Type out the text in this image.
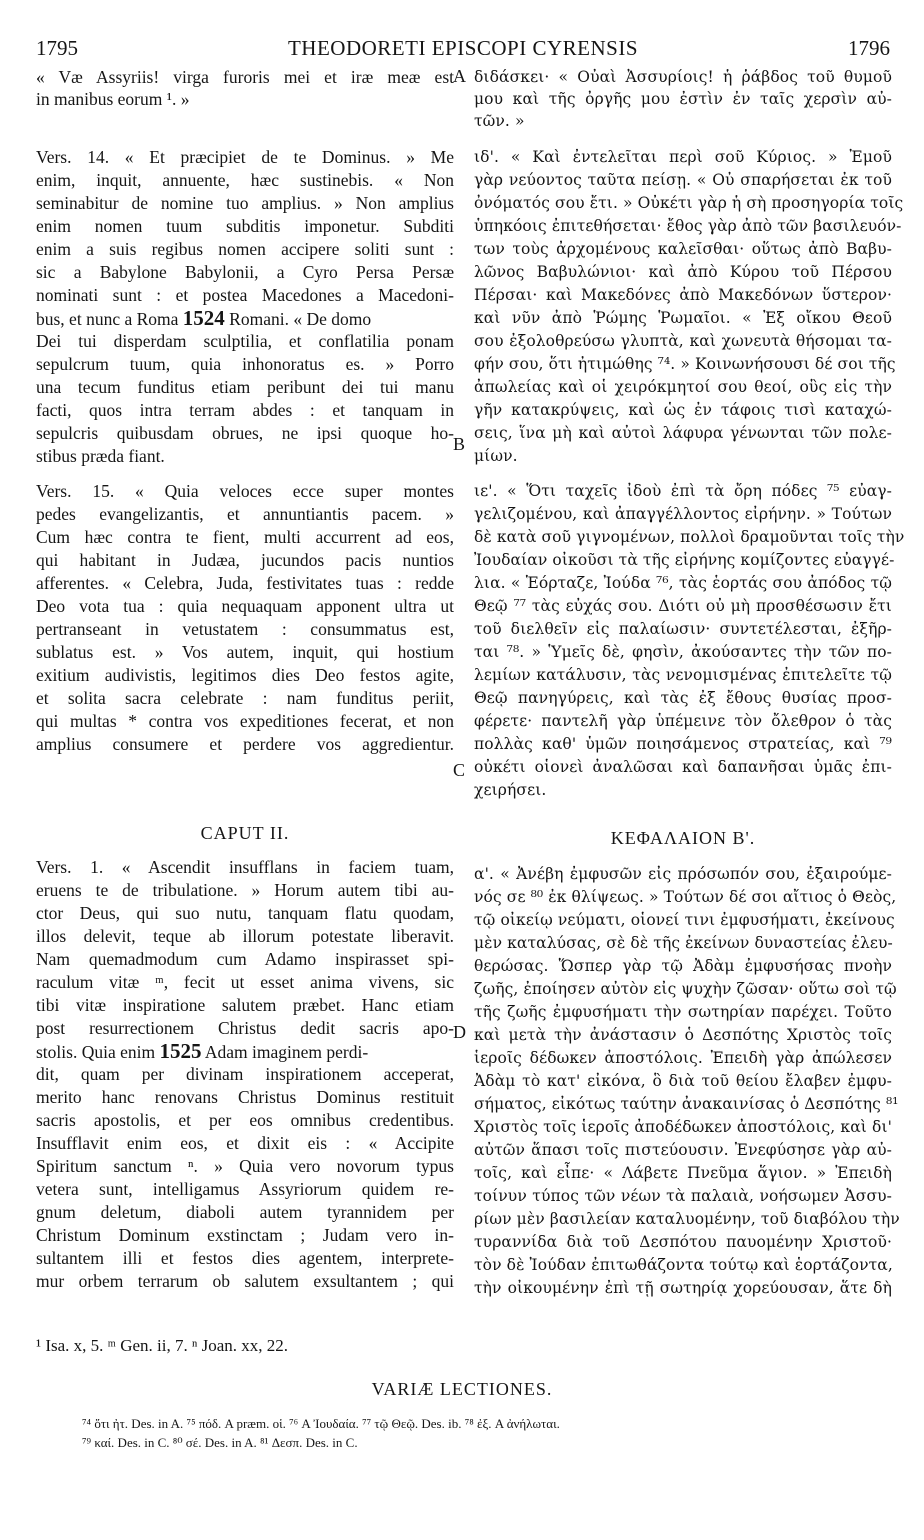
1795	THEODORETI EPISCOPI CYRENSIS	1796
« Væ Assyriis! virga furoris mei et iræ meæ est
in manibus eorum ¹. »
Vers. 14. « Et præcipiet de te Dominus. » Me
enim, inquit, annuente, hæc sustinebis. « Non
seminabitur de nomine tuo amplius. » Non amplius
enim nomen tuum subditis imponetur. Subditi
enim a suis regibus nomen accipere soliti sunt :
sic a Babylone Babylonii, a Cyro Persa Persæ
nominati sunt : et postea Macedones a Macedoni-
bus, et nunc a Roma 1524 Romani. « De domo
Dei tui disperdam sculptilia, et conflatilia ponam
sepulcrum tuum, quia inhonoratus es. » Porro
una tecum funditus etiam peribunt dei tui manu
facti, quos intra terram abdes : et tanquam in
sepulcris quibusdam obrues, ne ipsi quoque ho-
stibus præda fiant.
Vers. 15. « Quia veloces ecce super montes
pedes evangelizantis, et annuntiantis pacem. »
Cum hæc contra te fient, multi accurrent ad eos,
qui habitant in Judæa, jucundos pacis nuntios
afferentes. « Celebra, Juda, festivitates tuas : redde
Deo vota tua : quia nequaquam apponent ultra ut
pertranseant in vetustatem : consummatus est,
sublatus est. » Vos autem, inquit, qui hostium
exitium audivistis, legitimos dies Deo festos agite,
et solita sacra celebrate : nam funditus periit,
qui multas * contra vos expeditiones fecerat, et non
amplius consumere et perdere vos aggredientur.
CAPUT II.
Vers. 1. « Ascendit insufflans in faciem tuam,
eruens te de tribulatione. » Horum autem tibi au-
ctor Deus, qui suo nutu, tanquam flatu quodam,
illos delevit, teque ab illorum potestate liberavit.
Nam quemadmodum cum Adamo inspirasset spi-
raculum vitæ ᵐ, fecit ut esset anima vivens, sic
tibi vitæ inspiratione salutem præbet. Hanc etiam
post resurrectionem Christus dedit sacris apo-
stolis. Quia enim 1525 Adam imaginem perdi-
dit, quam per divinam inspirationem acceperat,
merito hanc renovans Christus Dominus restituit
sacris apostolis, et per eos omnibus credentibus.
Insufflavit enim eos, et dixit eis : « Accipite
Spiritum sanctum ⁿ. » Quia vero novorum typus
vetera sunt, intelligamus Assyriorum quidem re-
gnum deletum, diaboli autem tyrannidem per
Christum Dominum exstinctam ; Judam vero in-
sultantem illi et festos dies agentem, interprete-
mur orbem terrarum ob salutem exsultantem ; qui
A
B
C
D
διδάσκει· « Οὐαὶ Ἀσσυρίοις! ἡ ῥάβδος τοῦ θυμοῦ
μου καὶ τῆς ὀργῆς μου ἐστὶν ἐν ταῖς χερσὶν αὐ-
τῶν. »
ιδ'. « Καὶ ἐντελεῖται περὶ σοῦ Κύριος. » Ἐμοῦ
γὰρ νεύοντος ταῦτα πείσῃ. « Οὐ σπαρήσεται ἐκ τοῦ
ὀνόματός σου ἔτι. » Οὐκέτι γὰρ ἡ σὴ προσηγορία τοῖς
ὑπηκόοις ἐπιτεθήσεται· ἔθος γὰρ ἀπὸ τῶν βασιλευόν-
των τοὺς ἀρχομένους καλεῖσθαι· οὕτως ἀπὸ Βαβυ-
λῶνος Βαβυλώνιοι· καὶ ἀπὸ Κύρου τοῦ Πέρσου
Πέρσαι· καὶ Μακεδόνες ἀπὸ Μακεδόνων ὕστερον·
καὶ νῦν ἀπὸ Ῥώμης Ῥωμαῖοι. « Ἐξ οἴκου Θεοῦ
σου ἐξολοθρεύσω γλυπτὰ, καὶ χωνευτὰ θήσομαι τα-
φήν σου, ὅτι ἠτιμώθης ⁷⁴. » Κοινωνήσουσι δέ σοι τῆς
ἀπωλείας καὶ οἱ χειρόκμητοί σου θεοί, οὓς εἰς τὴν
γῆν κατακρύψεις, καὶ ὡς ἐν τάφοις τισὶ καταχώ-
σεις, ἵνα μὴ καὶ αὐτοὶ λάφυρα γένωνται τῶν πολε-
μίων.
ιε'. « Ὅτι ταχεῖς ἰδοὺ ἐπὶ τὰ ὄρη πόδες ⁷⁵ εὐαγ-
γελιζομένου, καὶ ἀπαγγέλλοντος εἰρήνην. » Τούτων
δὲ κατὰ σοῦ γιγνομένων, πολλοὶ δραμοῦνται τοῖς τὴν
Ἰουδαίαν οἰκοῦσι τὰ τῆς εἰρήνης κομίζοντες εὐαγγέ-
λια. « Ἑόρταζε, Ἰούδα ⁷⁶, τὰς ἑορτάς σου ἀπόδος τῷ
Θεῷ ⁷⁷ τὰς εὐχάς σου. Διότι οὐ μὴ προσθέσωσιν ἔτι
τοῦ διελθεῖν εἰς παλαίωσιν· συντετέλεσται, ἐξῆρ-
ται ⁷⁸. » Ὑμεῖς δὲ, φησὶν, ἀκούσαντες τὴν τῶν πο-
λεμίων κατάλυσιν, τὰς νενομισμένας ἐπιτελεῖτε τῷ
Θεῷ πανηγύρεις, καὶ τὰς ἐξ ἔθους θυσίας προσ-
φέρετε· παντελῆ γὰρ ὑπέμεινε τὸν ὄλεθρον ὁ τὰς
πολλὰς καθ' ὑμῶν ποιησάμενος στρατείας, καὶ ⁷⁹
οὐκέτι οἱονεὶ ἀναλῶσαι καὶ δαπανῆσαι ὑμᾶς ἐπι-
χειρήσει.
ΚΕΦΑΛΑΙΟΝ Β'.
α'. « Ἀνέβη ἐμφυσῶν εἰς πρόσωπόν σου, ἐξαιρούμε-
νός σε ⁸⁰ ἐκ θλίψεως. » Τούτων δέ σοι αἴτιος ὁ Θεὸς,
τῷ οἰκείῳ νεύματι, οἱονεί τινι ἐμφυσήματι, ἐκείνους
μὲν καταλύσας, σὲ δὲ τῆς ἐκείνων δυναστείας ἐλευ-
θερώσας. Ὥσπερ γὰρ τῷ Ἀδὰμ ἐμφυσήσας πνοὴν
ζωῆς, ἐποίησεν αὐτὸν εἰς ψυχὴν ζῶσαν· οὕτω σοὶ τῷ
τῆς ζωῆς ἐμφυσήματι τὴν σωτηρίαν παρέχει. Τοῦτο
καὶ μετὰ τὴν ἀνάστασιν ὁ Δεσπότης Χριστὸς τοῖς
ἱεροῖς δέδωκεν ἀποστόλοις. Ἐπειδὴ γὰρ ἀπώλεσεν
Ἀδὰμ τὸ κατ' εἰκόνα, ὃ διὰ τοῦ θείου ἔλαβεν ἐμφυ-
σήματος, εἰκότως ταύτην ἀνακαινίσας ὁ Δεσπότης ⁸¹
Χριστὸς τοῖς ἱεροῖς ἀποδέδωκεν ἀποστόλοις, καὶ δι'
αὐτῶν ἅπασι τοῖς πιστεύουσιν. Ἐνεφύσησε γὰρ αὐ-
τοῖς, καὶ εἶπε· « Λάβετε Πνεῦμα ἅγιον. » Ἐπειδὴ
τοίνυν τύπος τῶν νέων τὰ παλαιὰ, νοήσωμεν Ἀσσυ-
ρίων μὲν βασιλείαν καταλυομένην, τοῦ διαβόλου τὴν
τυραννίδα διὰ τοῦ Δεσπότου παυομένην Χριστοῦ·
τὸν δὲ Ἰούδαν ἐπιτωθάζοντα τούτῳ καὶ ἑορτάζοντα,
τὴν οἰκουμένην ἐπὶ τῇ σωτηρίᾳ χορεύουσαν, ἅτε δὴ
¹ Isa. x, 5. ᵐ Gen. ii, 7. ⁿ Joan. xx, 22.
VARIÆ LECTIONES.
⁷⁴ ὅτι ἠτ. Des. in A. ⁷⁵ πόδ. A præm. οἱ. ⁷⁶ A Ἰουδαία. ⁷⁷ τῷ Θεῷ. Des. ib. ⁷⁸ ἐξ. A ἀνήλωται.
⁷⁹ καί. Des. in C. ⁸⁰ σέ. Des. in A. ⁸¹ Δεσπ. Des. in C.
